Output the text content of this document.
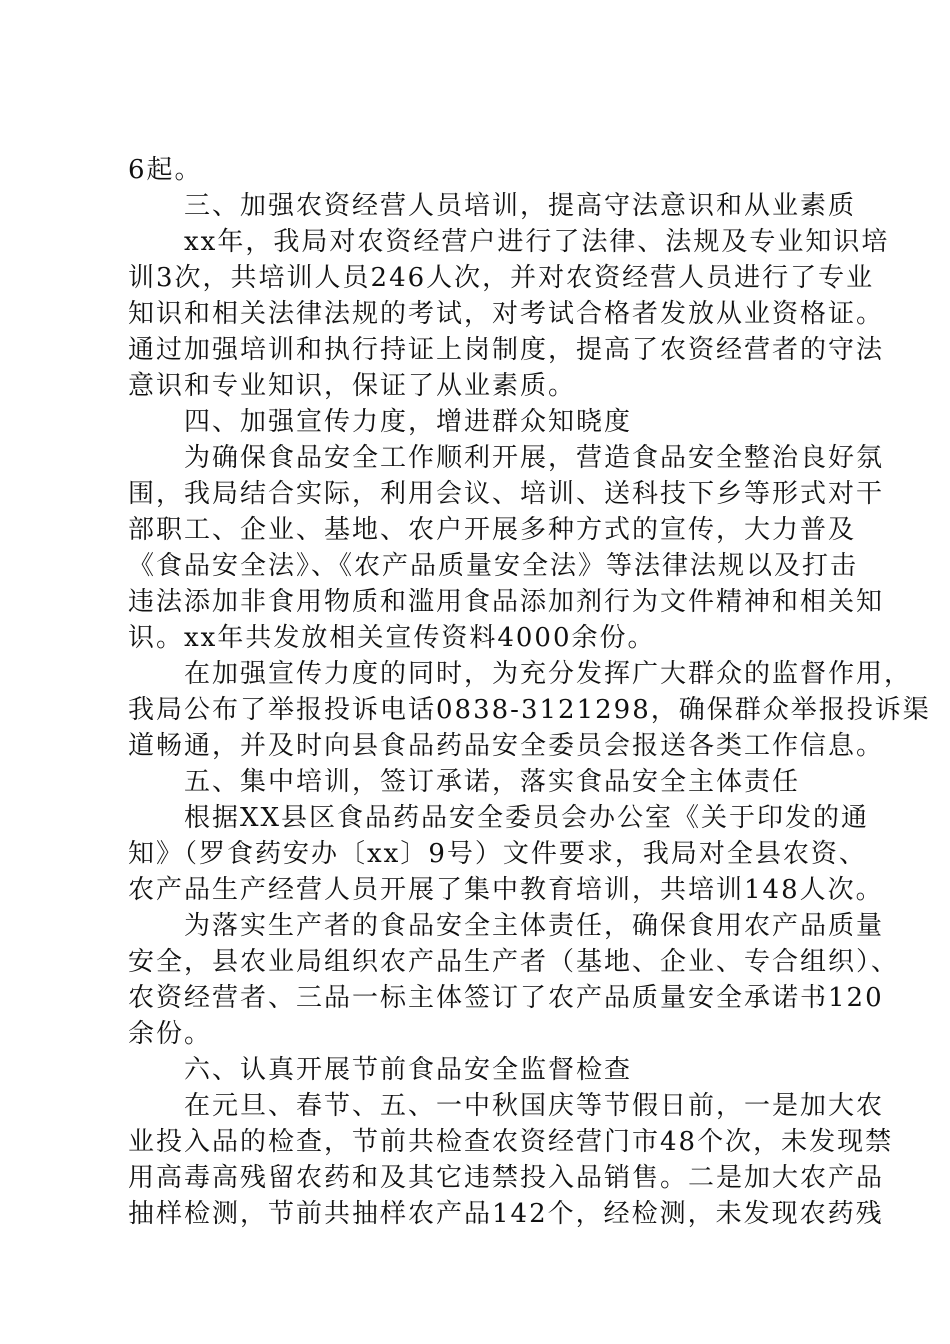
6起。
　　三、加强农资经营人员培训，提高守法意识和从业素质
　　xx年，我局对农资经营户进行了法律、法规及专业知识培
训3次，共培训人员246人次，并对农资经营人员进行了专业
知识和相关法律法规的考试，对考试合格者发放从业资格证。
通过加强培训和执行持证上岗制度，提高了农资经营者的守法
意识和专业知识，保证了从业素质。
　　四、加强宣传力度，增进群众知晓度
　　为确保食品安全工作顺利开展，营造食品安全整治良好氛
围，我局结合实际，利用会议、培训、送科技下乡等形式对干
部职工、企业、基地、农户开展多种方式的宣传，大力普及
《食品安全法》、《农产品质量安全法》等法律法规以及打击
违法添加非食用物质和滥用食品添加剂行为文件精神和相关知
识。xx年共发放相关宣传资料4000余份。
　　在加强宣传力度的同时，为充分发挥广大群众的监督作用，
我局公布了举报投诉电话0838-3121298，确保群众举报投诉渠
道畅通，并及时向县食品药品安全委员会报送各类工作信息。
　　五、集中培训，签订承诺，落实食品安全主体责任
　　根据XX县区食品药品安全委员会办公室《关于印发的通
知》（罗食药安办〔xx〕9号）文件要求，我局对全县农资、
农产品生产经营人员开展了集中教育培训，共培训148人次。
　　为落实生产者的食品安全主体责任，确保食用农产品质量
安全，县农业局组织农产品生产者（基地、企业、专合组织）、
农资经营者、三品一标主体签订了农产品质量安全承诺书120
余份。
　　六、认真开展节前食品安全监督检查
　　在元旦、春节、五、一中秋国庆等节假日前，一是加大农
业投入品的检查，节前共检查农资经营门市48个次，未发现禁
用高毒高残留农药和及其它违禁投入品销售。二是加大农产品
抽样检测，节前共抽样农产品142个，经检测，未发现农药残
